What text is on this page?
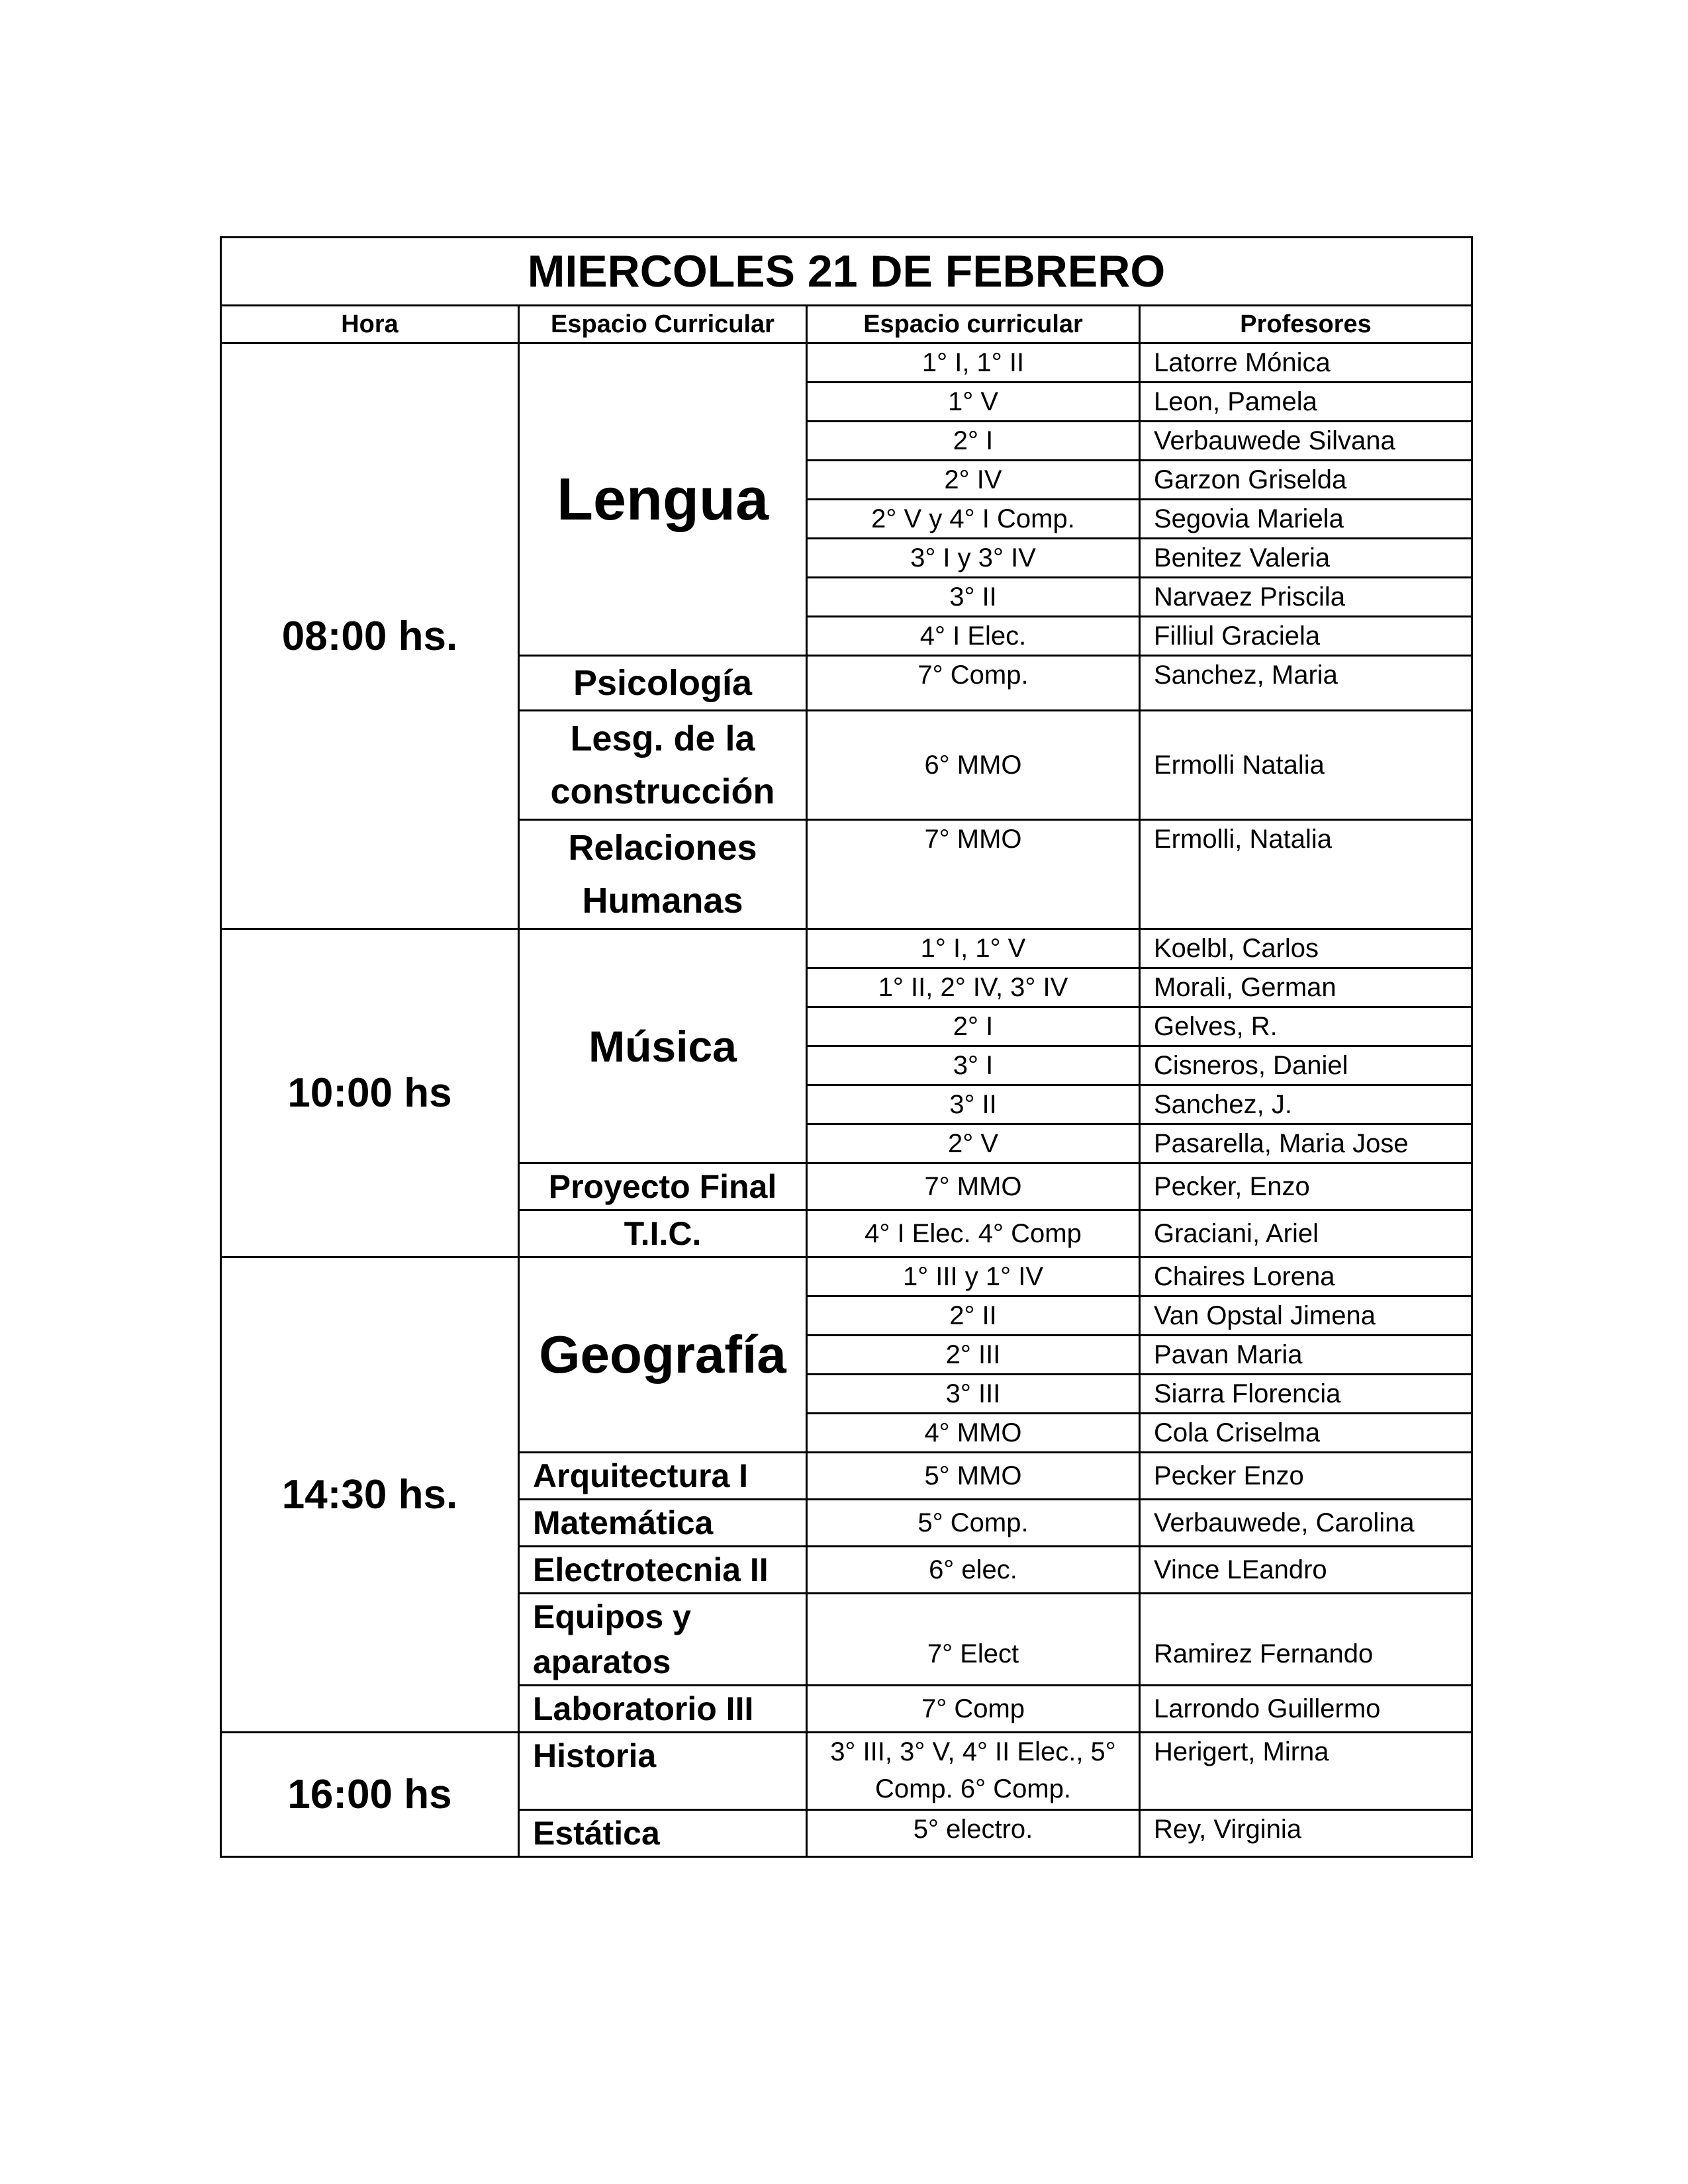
MIERCOLES 21 DE FEBRERO			
Hora	Espacio Curricular	Espacio curricular	Profesores
08:00 hs.	Lengua	1° I, 1° II	Latorre Mónica
		1° V	Leon, Pamela
		2° I	Verbauwede Silvana
		2° IV	Garzon Griselda
		2° V y 4° I Comp.	Segovia Mariela
		3° I y 3° IV	Benitez Valeria
		3° II	Narvaez Priscila
		4° I Elec.	Filliul Graciela
	Psicología	7° Comp.	Sanchez, Maria
	Lesg. de la construcción	6° MMO	Ermolli Natalia
	Relaciones Humanas	7° MMO	Ermolli, Natalia
10:00 hs	Música	1° I, 1° V	Koelbl, Carlos
		1° II, 2° IV, 3° IV	Morali, German
		2° I	Gelves, R.
		3° I	Cisneros, Daniel
		3° II	Sanchez, J.
		2° V	Pasarella, Maria Jose
	Proyecto Final	7° MMO	Pecker, Enzo
	T.I.C.	4° I Elec. 4° Comp	Graciani, Ariel
14:30 hs.	Geografía	1° III y 1° IV	Chaires Lorena
		2° II	Van Opstal Jimena
		2° III	Pavan Maria
		3° III	Siarra Florencia
		4° MMO	Cola Criselma
	Arquitectura I	5° MMO	Pecker Enzo
	Matemática	5° Comp.	Verbauwede, Carolina
	Electrotecnia II	6° elec.	Vince LEandro
	Equipos y aparatos	7° Elect	Ramirez Fernando
	Laboratorio III	7° Comp	Larrondo Guillermo
16:00 hs	Historia	3° III, 3° V, 4° II Elec., 5° Comp. 6° Comp.	Herigert, Mirna
	Estática	5° electro.	Rey, Virginia
